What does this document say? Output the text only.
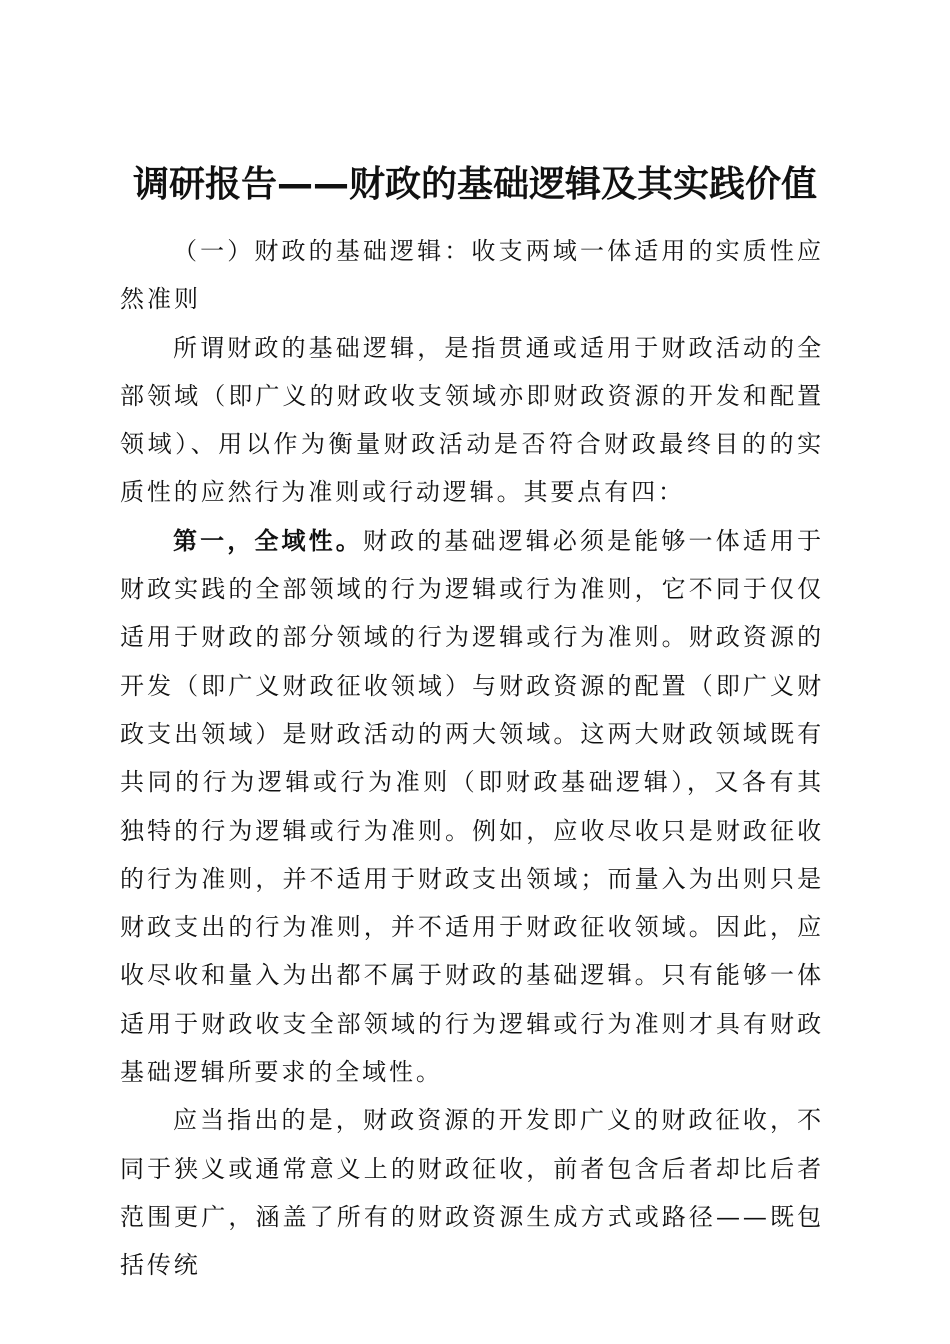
调研报告——财政的基础逻辑及其实践价值

（一）财政的基础逻辑：收支两域一体适用的实质性应然准则

所谓财政的基础逻辑，是指贯通或适用于财政活动的全部领域（即广义的财政收支领域亦即财政资源的开发和配置领域）、用以作为衡量财政活动是否符合财政最终目的的实质性的应然行为准则或行动逻辑。其要点有四：

第一，全域性。财政的基础逻辑必须是能够一体适用于财政实践的全部领域的行为逻辑或行为准则，它不同于仅仅适用于财政的部分领域的行为逻辑或行为准则。财政资源的开发（即广义财政征收领域）与财政资源的配置（即广义财政支出领域）是财政活动的两大领域。这两大财政领域既有共同的行为逻辑或行为准则（即财政基础逻辑），又各有其独特的行为逻辑或行为准则。例如，应收尽收只是财政征收的行为准则，并不适用于财政支出领域；而量入为出则只是财政支出的行为准则，并不适用于财政征收领域。因此，应收尽收和量入为出都不属于财政的基础逻辑。只有能够一体适用于财政收支全部领域的行为逻辑或行为准则才具有财政基础逻辑所要求的全域性。

应当指出的是，财政资源的开发即广义的财政征收，不同于狭义或通常意义上的财政征收，前者包含后者却比后者范围更广，涵盖了所有的财政资源生成方式或路径——既包括传统
